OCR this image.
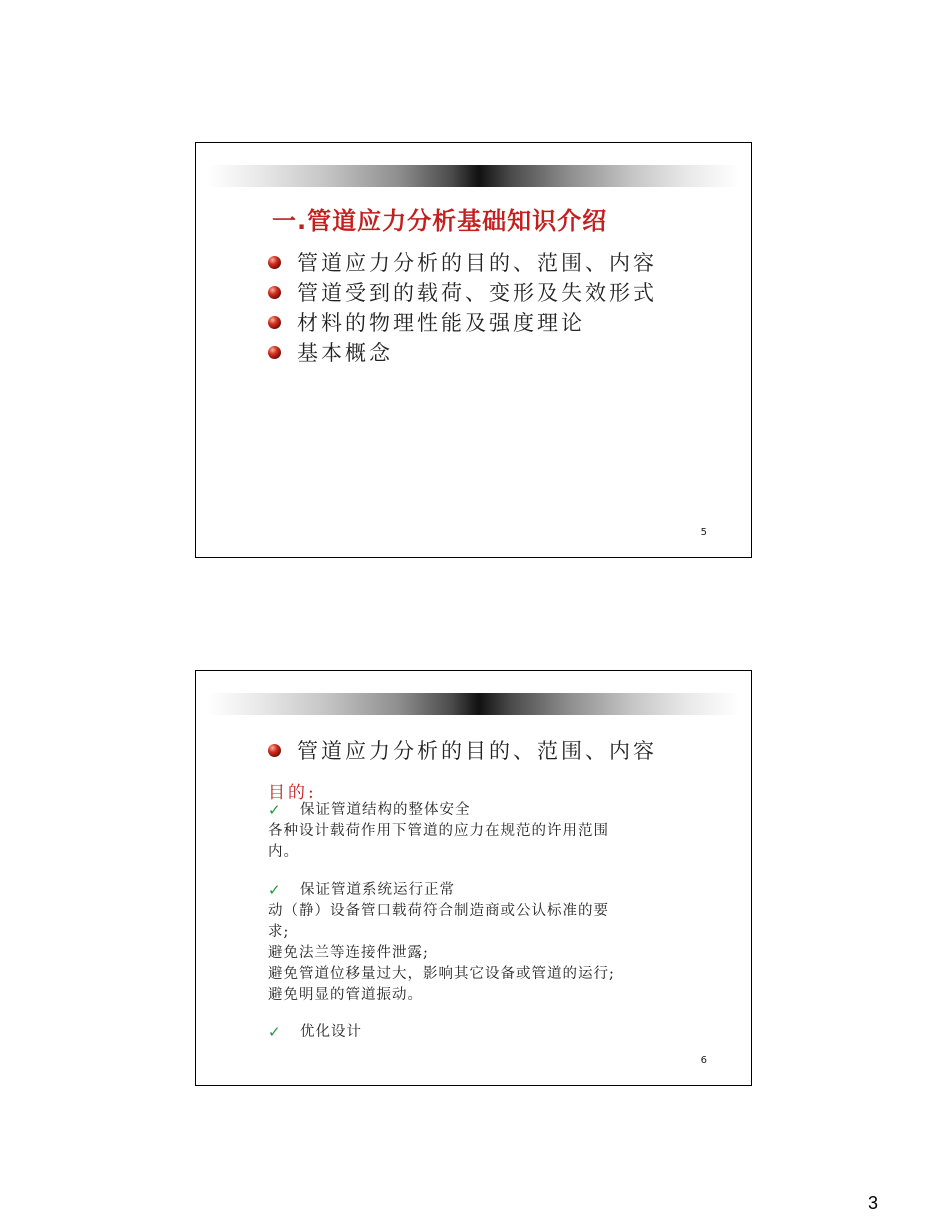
一.管道应力分析基础知识介绍
管道应力分析的目的、范围、内容
管道受到的载荷、变形及失效形式
材料的物理性能及强度理论
基本概念
5
管道应力分析的目的、范围、内容
目的:
✓	保证管道结构的整体安全
各种设计载荷作用下管道的应力在规范的许用范围
内。
✓	保证管道系统运行正常
动（静）设备管口载荷符合制造商或公认标准的要
求;
避免法兰等连接件泄露;
避免管道位移量过大，影响其它设备或管道的运行;
避免明显的管道振动。
✓	优化设计
6
3
